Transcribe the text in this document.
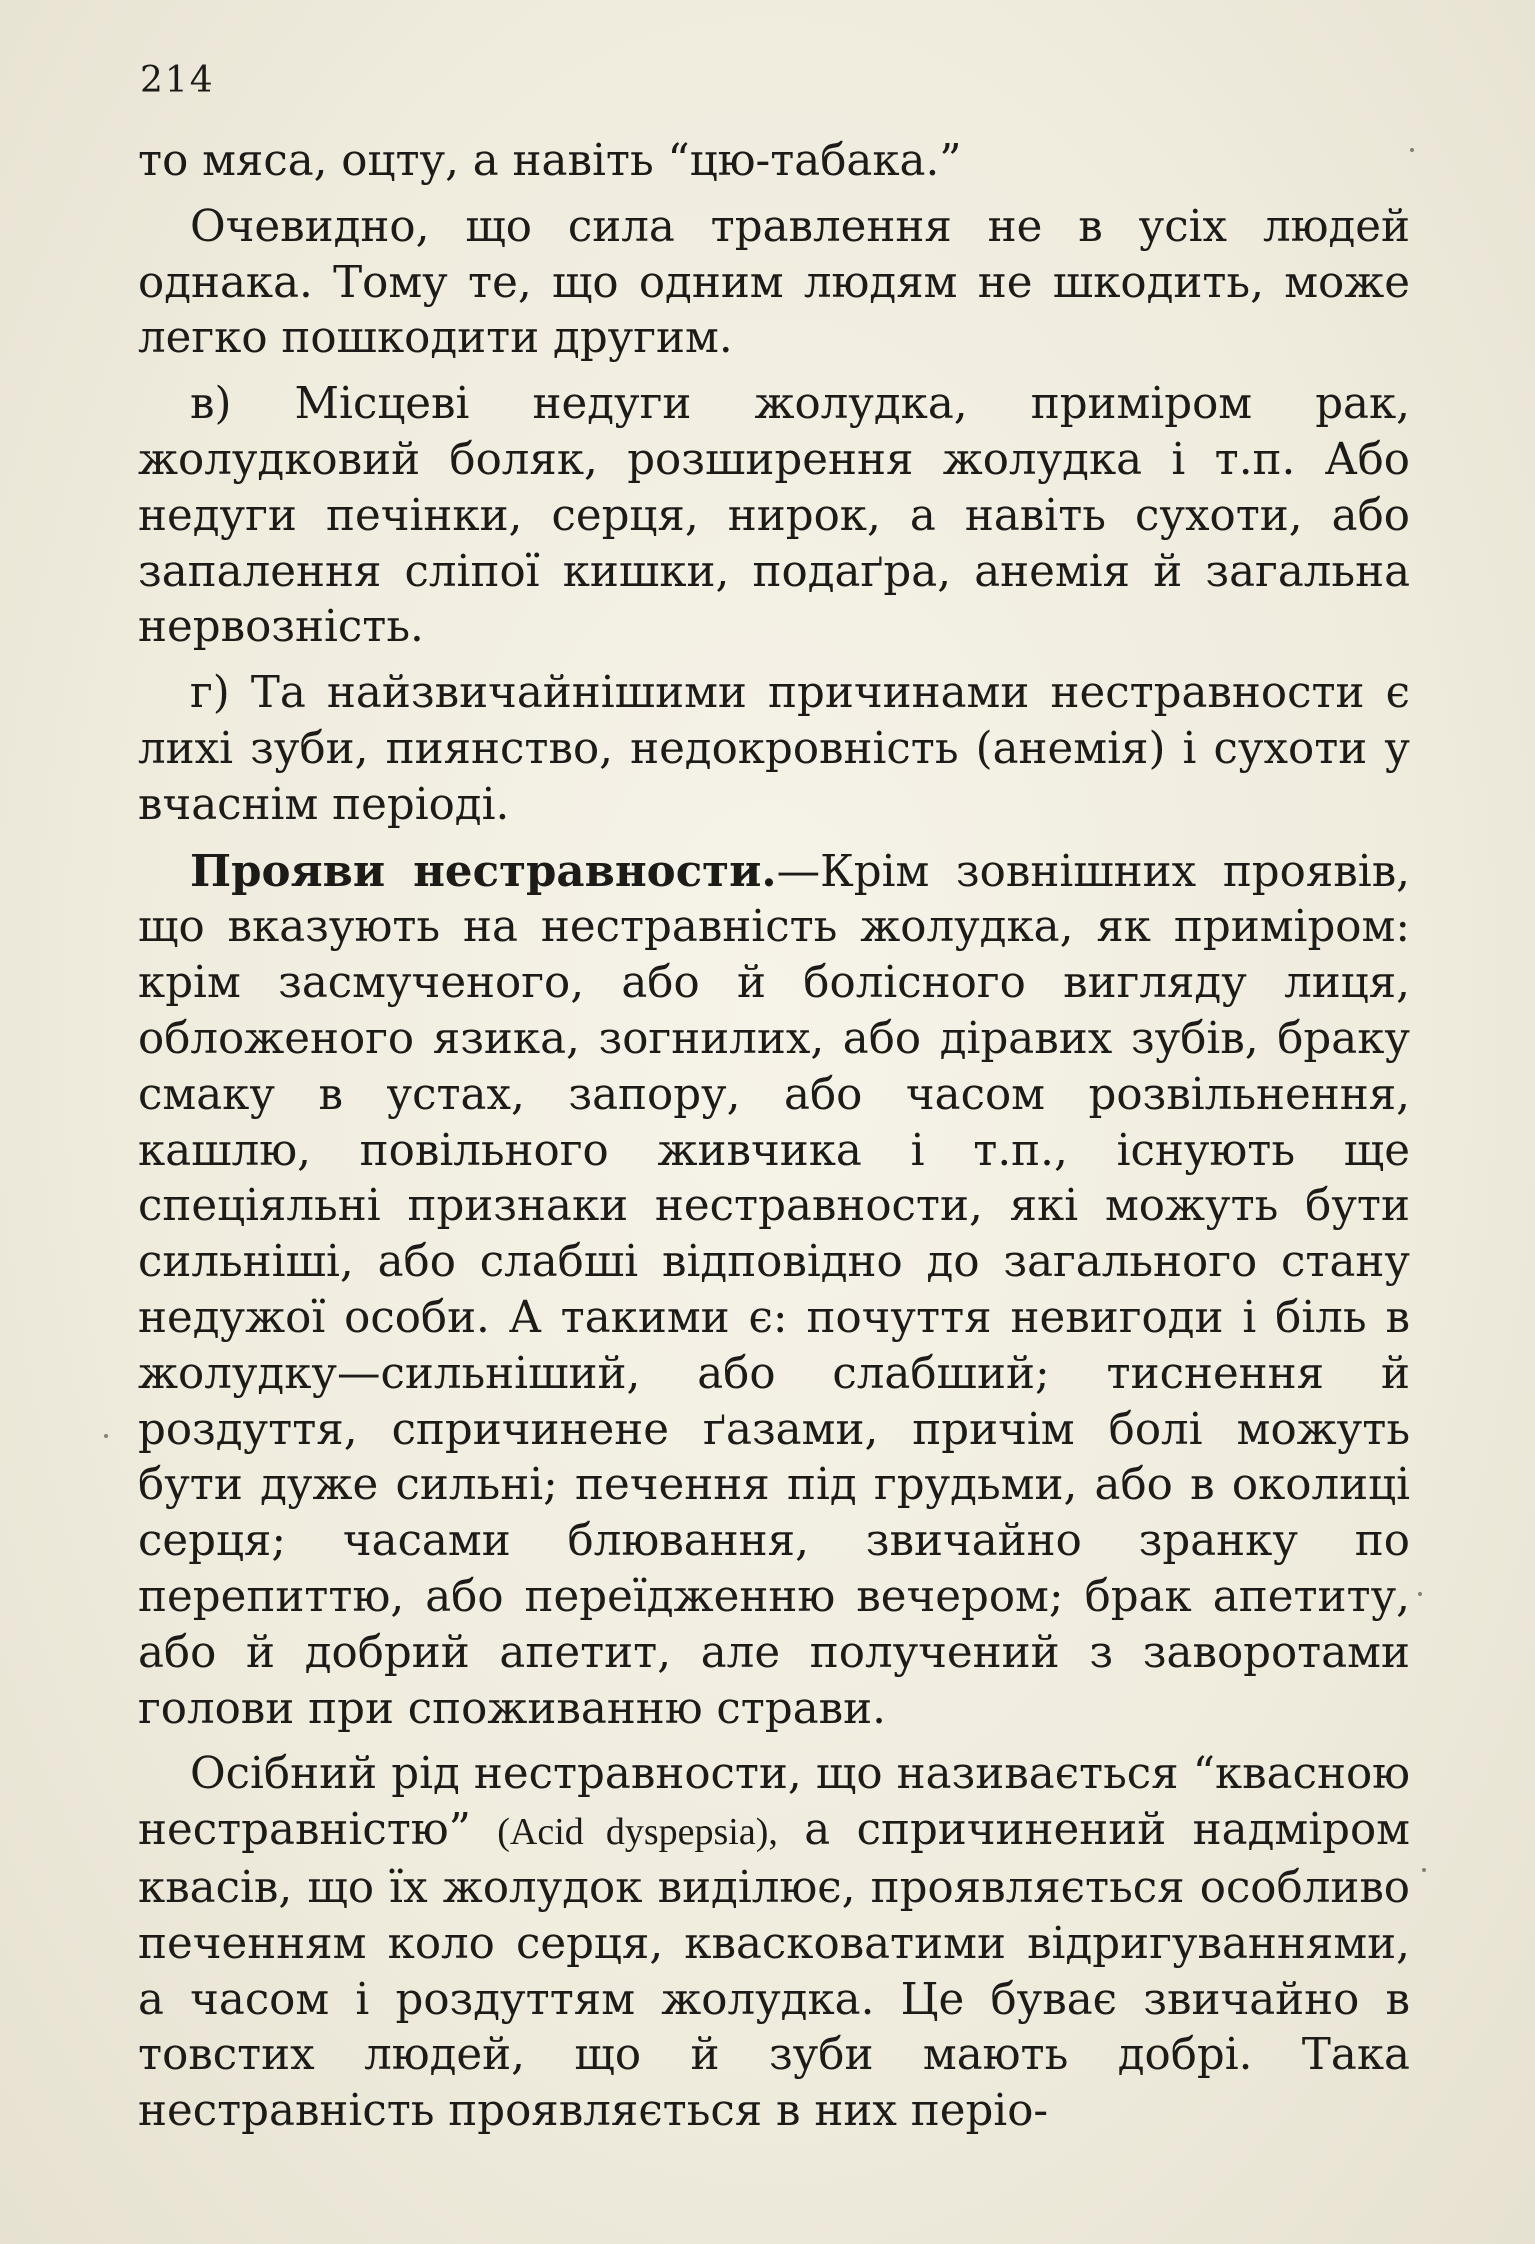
214

то мяса, оцту, а навіть “цю-табака.”

Очевидно, що сила травлення не в усіх людей однака. Тому те, що одним людям не шкодить, може легко пошкодити другим.

в) Місцеві недуги жолудка, приміром рак, жолудковий боляк, розширення жолудка і т.п. Або недуги печінки, серця, нирок, а навіть сухоти, або запалення сліпої кишки, подаґра, анемія й загальна нервозність.

г) Та найзвичайнішими причинами нестравности є лихі зуби, пиянство, недокровність (анемія) і сухоти у вчаснім періоді.

Прояви нестравности.—Крім зовнішних проявів, що вказують на нестравність жолудка, як приміром: крім засмученого, або й болісного вигляду лиця, обложеного язика, зогнилих, або діравих зубів, браку смаку в устах, запору, або часом розвільнення, кашлю, повільного живчика і т.п., існують ще спеціяльні признаки нестравности, які можуть бути сильніші, або слабші відповідно до загального стану недужої особи. А такими є: почуття невигоди і біль в жолудку—сильніший, або слабший; тиснення й роздуття, спричинене ґазами, причім болі можуть бути дуже сильні; печення під грудьми, або в околиці серця; часами блювання, звичайно зранку по перепиттю, або переїдженню вечером; брак апетиту, або й добрий апетит, але получений з заворотами голови при споживанню страви.

Осібний рід нестравности, що називається “квасною нестравністю” (Acid dyspepsia), а спричинений надміром квасів, що їх жолудок виділює, проявляється особливо печенням коло серця, квасковатими відригуваннями, а часом і роздуттям жолудка. Це буває звичайно в товстих людей, що й зуби мають добрі. Така нестравність проявляється в них періо-
